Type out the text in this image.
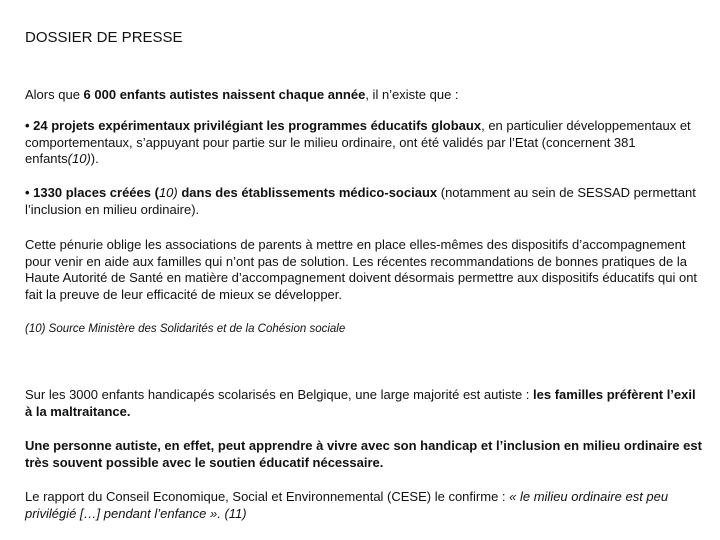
DOSSIER DE PRESSE

Alors que 6 000 enfants autistes naissent chaque année, il n’existe que :

• 24 projets expérimentaux privilégiant les programmes éducatifs globaux, en particulier développementaux et comportementaux, s’appuyant pour partie sur le milieu ordinaire, ont été validés par l’Etat (concernent 381 enfants(10)).

• 1330 places créées (10) dans des établissements médico-sociaux (notamment au sein de SESSAD permettant l’inclusion en milieu ordinaire).

Cette pénurie oblige les associations de parents à mettre en place elles-mêmes des dispositifs d’accompagnement pour venir en aide aux familles qui n’ont pas de solution. Les récentes recommandations de bonnes pratiques de la Haute Autorité de Santé en matière d’accompagnement doivent désormais permettre aux dispositifs éducatifs qui ont fait la preuve de leur efficacité de mieux se développer.

(10) Source Ministère des Solidarités et de la Cohésion sociale

Sur les 3000 enfants handicapés scolarisés en Belgique, une large majorité est autiste : les familles préfèrent l’exil à la maltraitance.

Une personne autiste, en effet, peut apprendre à vivre avec son handicap et l’inclusion en milieu ordinaire est très souvent possible avec le soutien éducatif nécessaire.

Le rapport du Conseil Economique, Social et Environnemental (CESE) le confirme : « le milieu ordinaire est peu privilégié […] pendant l’enfance ». (11)
